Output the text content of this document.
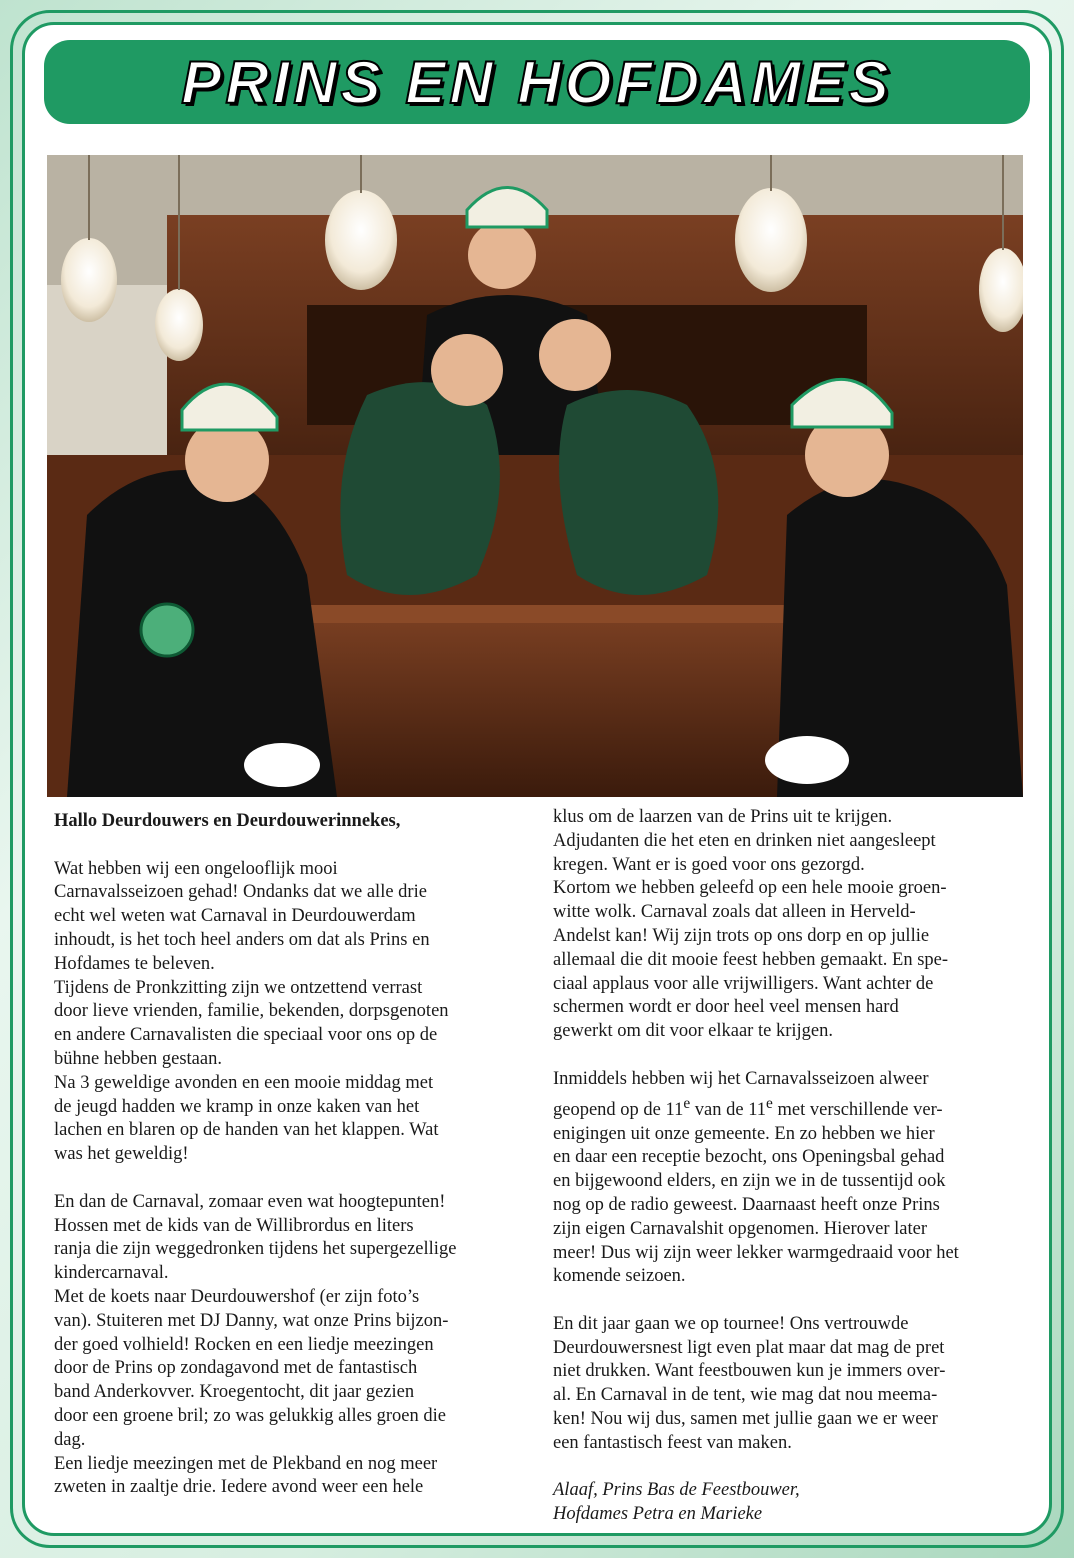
PRINS EN HOFDAMES

Hallo Deurdouwers en Deurdouwerinnekes,

Wat hebben wij een ongelooflijk mooi

Carnavalsseizoen gehad! Ondanks dat we alle drie

echt wel weten wat Carnaval in Deurdouwerdam

inhoudt, is het toch heel anders om dat als Prins en

Hofdames te beleven.

Tijdens de Pronkzitting zijn we ontzettend verrast

door lieve vrienden, familie, bekenden, dorpsgenoten

en andere Carnavalisten die speciaal voor ons op de

bühne hebben gestaan.

Na 3 geweldige avonden en een mooie middag met

de jeugd hadden we kramp in onze kaken van het

lachen en blaren op de handen van het klappen. Wat

was het geweldig!

En dan de Carnaval, zomaar even wat hoogtepunten!

Hossen met de kids van de Willibrordus en liters

ranja die zijn weggedronken tijdens het supergezellige

kindercarnaval.

Met de koets naar Deurdouwershof (er zijn foto’s

van). Stuiteren met DJ Danny, wat onze Prins bijzon-

der goed volhield! Rocken en een liedje meezingen

door de Prins op zondagavond met de fantastisch

band Anderkovver. Kroegentocht, dit jaar gezien

door een groene bril; zo was gelukkig alles groen die

dag.

Een liedje meezingen met de Plekband en nog meer

zweten in zaaltje drie. Iedere avond weer een hele

klus om de laarzen van de Prins uit te krijgen.

Adjudanten die het eten en drinken niet aangesleept

kregen. Want er is goed voor ons gezorgd.

Kortom we hebben geleefd op een hele mooie groen-

witte wolk. Carnaval zoals dat alleen in Herveld-

Andelst kan! Wij zijn trots op ons dorp en op jullie

allemaal die dit mooie feest hebben gemaakt. En spe-

ciaal applaus voor alle vrijwilligers. Want achter de

schermen wordt er door heel veel mensen hard

gewerkt om dit voor elkaar te krijgen.

Inmiddels hebben wij het Carnavalsseizoen alweer

geopend op de 11e van de 11e met verschillende ver-

enigingen uit onze gemeente. En zo hebben we hier

en daar een receptie bezocht, ons Openingsbal gehad

en bijgewoond elders, en zijn we in de tussentijd ook

nog op de radio geweest. Daarnaast heeft onze Prins

zijn eigen Carnavalshit opgenomen. Hierover later

meer! Dus wij zijn weer lekker warmgedraaid voor het

komende seizoen.

En dit jaar gaan we op tournee! Ons vertrouwde

Deurdouwersnest ligt even plat maar dat mag de pret

niet drukken. Want feestbouwen kun je immers over-

al. En Carnaval in de tent, wie mag dat nou meema-

ken! Nou wij dus, samen met jullie gaan we er weer

een fantastisch feest van maken.

Alaaf, Prins Bas de Feestbouwer,

Hofdames Petra en Marieke
